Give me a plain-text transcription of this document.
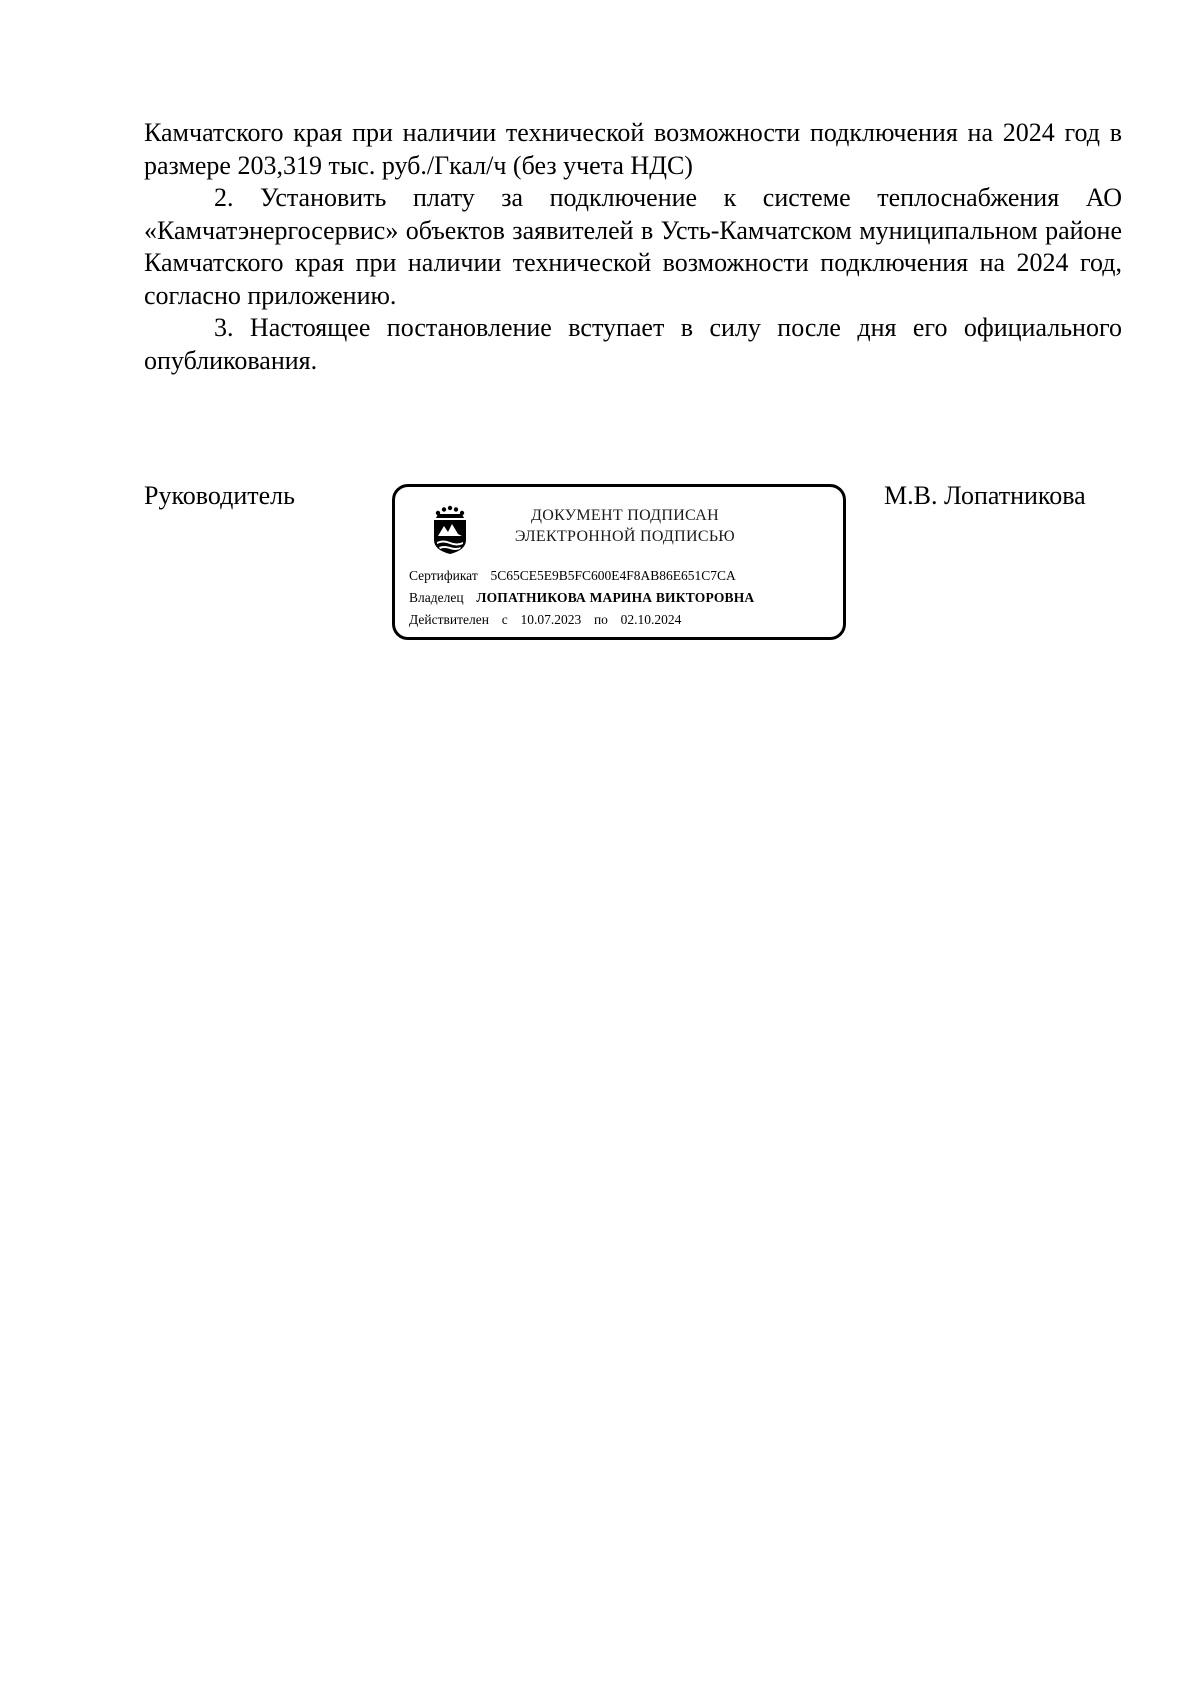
Камчатского края при наличии технической возможности подключения на 2024 год в размере 203,319 тыс. руб./Гкал/ч (без учета НДС)

2. Установить плату за подключение к системе теплоснабжения АО «Камчатэнергосервис» объектов заявителей в Усть-Камчатском муниципальном районе Камчатского края при наличии технической возможности подключения на 2024 год, согласно приложению.

3. Настоящее постановление вступает в силу после дня его официального опубликования.

Руководитель
ДОКУМЕНТ ПОДПИСАН
ЭЛЕКТРОННОЙ ПОДПИСЬЮ
Сертификат 5C65CE5E9B5FC600E4F8AB86E651C7CA
Владелец ЛОПАТНИКОВА МАРИНА ВИКТОРОВНА
Действителен с 10.07.2023 по 02.10.2024
М.В. Лопатникова
